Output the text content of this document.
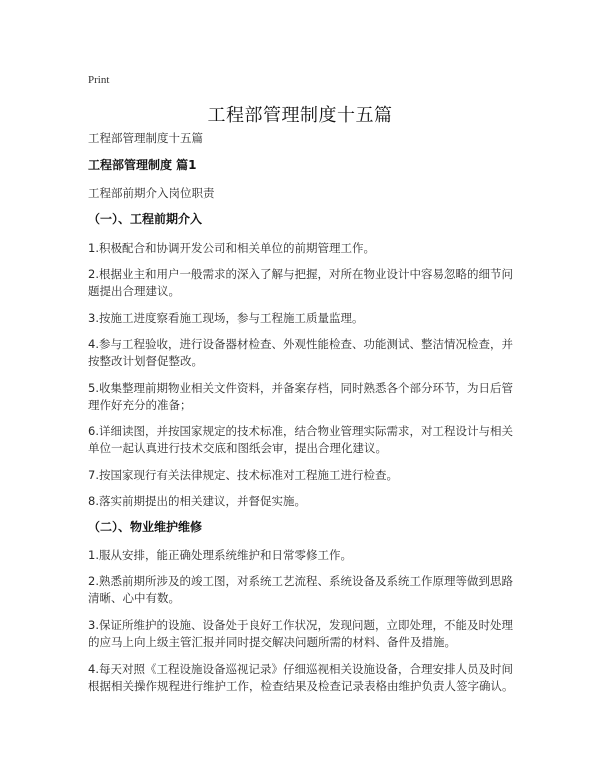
Print
工程部管理制度十五篇
工程部管理制度十五篇
工程部管理制度 篇1
工程部前期介入岗位职责
（一）、工程前期介入
1.积极配合和协调开发公司和相关单位的前期管理工作。
2.根据业主和用户一般需求的深入了解与把握，对所在物业设计中容易忽略的细节问题提出合理建议。
3.按施工进度察看施工现场，参与工程施工质量监理。
4.参与工程验收，进行设备器材检查、外观性能检查、功能测试、整洁情况检查，并按整改计划督促整改。
5.收集整理前期物业相关文件资料，并备案存档，同时熟悉各个部分环节，为日后管理作好充分的准备；
6.详细读图，并按国家规定的技术标准，结合物业管理实际需求，对工程设计与相关单位一起认真进行技术交底和图纸会审，提出合理化建议。
7.按国家现行有关法律规定、技术标准对工程施工进行检查。
8.落实前期提出的相关建议，并督促实施。
（二）、物业维护维修
1.服从安排，能正确处理系统维护和日常零修工作。
2.熟悉前期所涉及的竣工图，对系统工艺流程、系统设备及系统工作原理等做到思路清晰、心中有数。
3.保证所维护的设施、设备处于良好工作状况，发现问题，立即处理，不能及时处理的应马上向上级主管汇报并同时提交解决问题所需的材料、备件及措施。
4.每天对照《工程设施设备巡视记录》仔细巡视相关设施设备，合理安排人员及时间根据相关操作规程进行维护工作，检查结果及检查记录表格由维护负责人签字确认。
